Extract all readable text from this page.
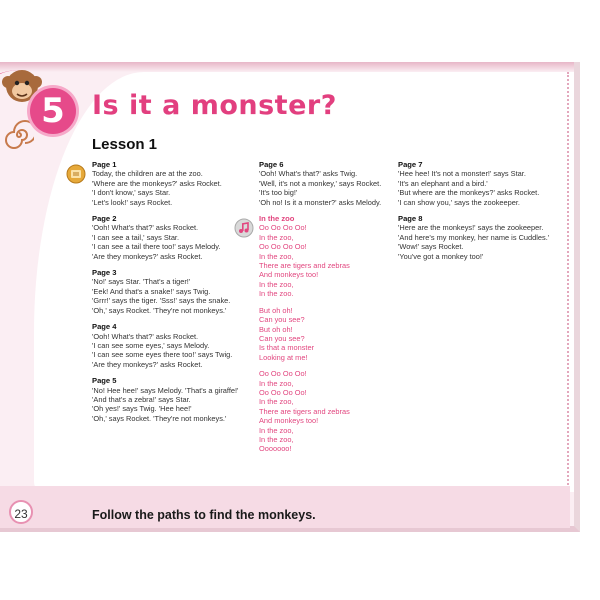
5	Is it a monster?
Lesson 1
Page 1
Today, the children are at the zoo.
'Where are the monkeys?' asks Rocket.
'I don't know,' says Star.
'Let's look!' says Rocket.
Page 2
'Ooh! What's that?' asks Rocket.
'I can see a tail,' says Star.
'I can see a tail there too!' says Melody.
'Are they monkeys?' asks Rocket.
Page 3
'No!' says Star. 'That's a tiger!'
'Eek! And that's a snake!' says Twig.
'Grrr!' says the tiger. 'Sss!' says the snake.
'Oh,' says Rocket. 'They're not monkeys.'
Page 4
'Ooh! What's that?' asks Rocket.
'I can see some eyes,' says Melody.
'I can see some eyes there too!' says Twig.
'Are they monkeys?' asks Rocket.
Page 5
'No! Hee hee!' says Melody. 'That's a giraffe!'
'And that's a zebra!' says Star.
'Oh yes!' says Twig. 'Hee hee!'
'Oh,' says Rocket. 'They're not monkeys.'
Page 6
'Ooh! What's that?' asks Twig.
'Well, it's not a monkey,' says Rocket.
'It's too big!'
'Oh no! Is it a monster?' asks Melody.
In the zoo
Oo Oo Oo Oo!
In the zoo,
Oo Oo Oo Oo!
In the zoo,
There are tigers and zebras
And monkeys too!
In the zoo,
In the zoo.
But oh oh!
Can you see?
But oh oh!
Can you see?
Is that a monster
Looking at me!
Oo Oo Oo Oo!
In the zoo,
Oo Oo Oo Oo!
In the zoo,
There are tigers and zebras
And monkeys too!
In the zoo,
In the zoo,
Ooooooo!
Page 7
'Hee hee! It's not a monster!' says Star.
'It's an elephant and a bird.'
'But where are the monkeys?' asks Rocket.
'I can show you,' says the zookeeper.
Page 8
'Here are the monkeys!' says the zookeeper.
'And here's my monkey, her name is Cuddles.'
'Wow!' says Rocket.
'You've got a monkey too!'
23	Follow the paths to find the monkeys.
